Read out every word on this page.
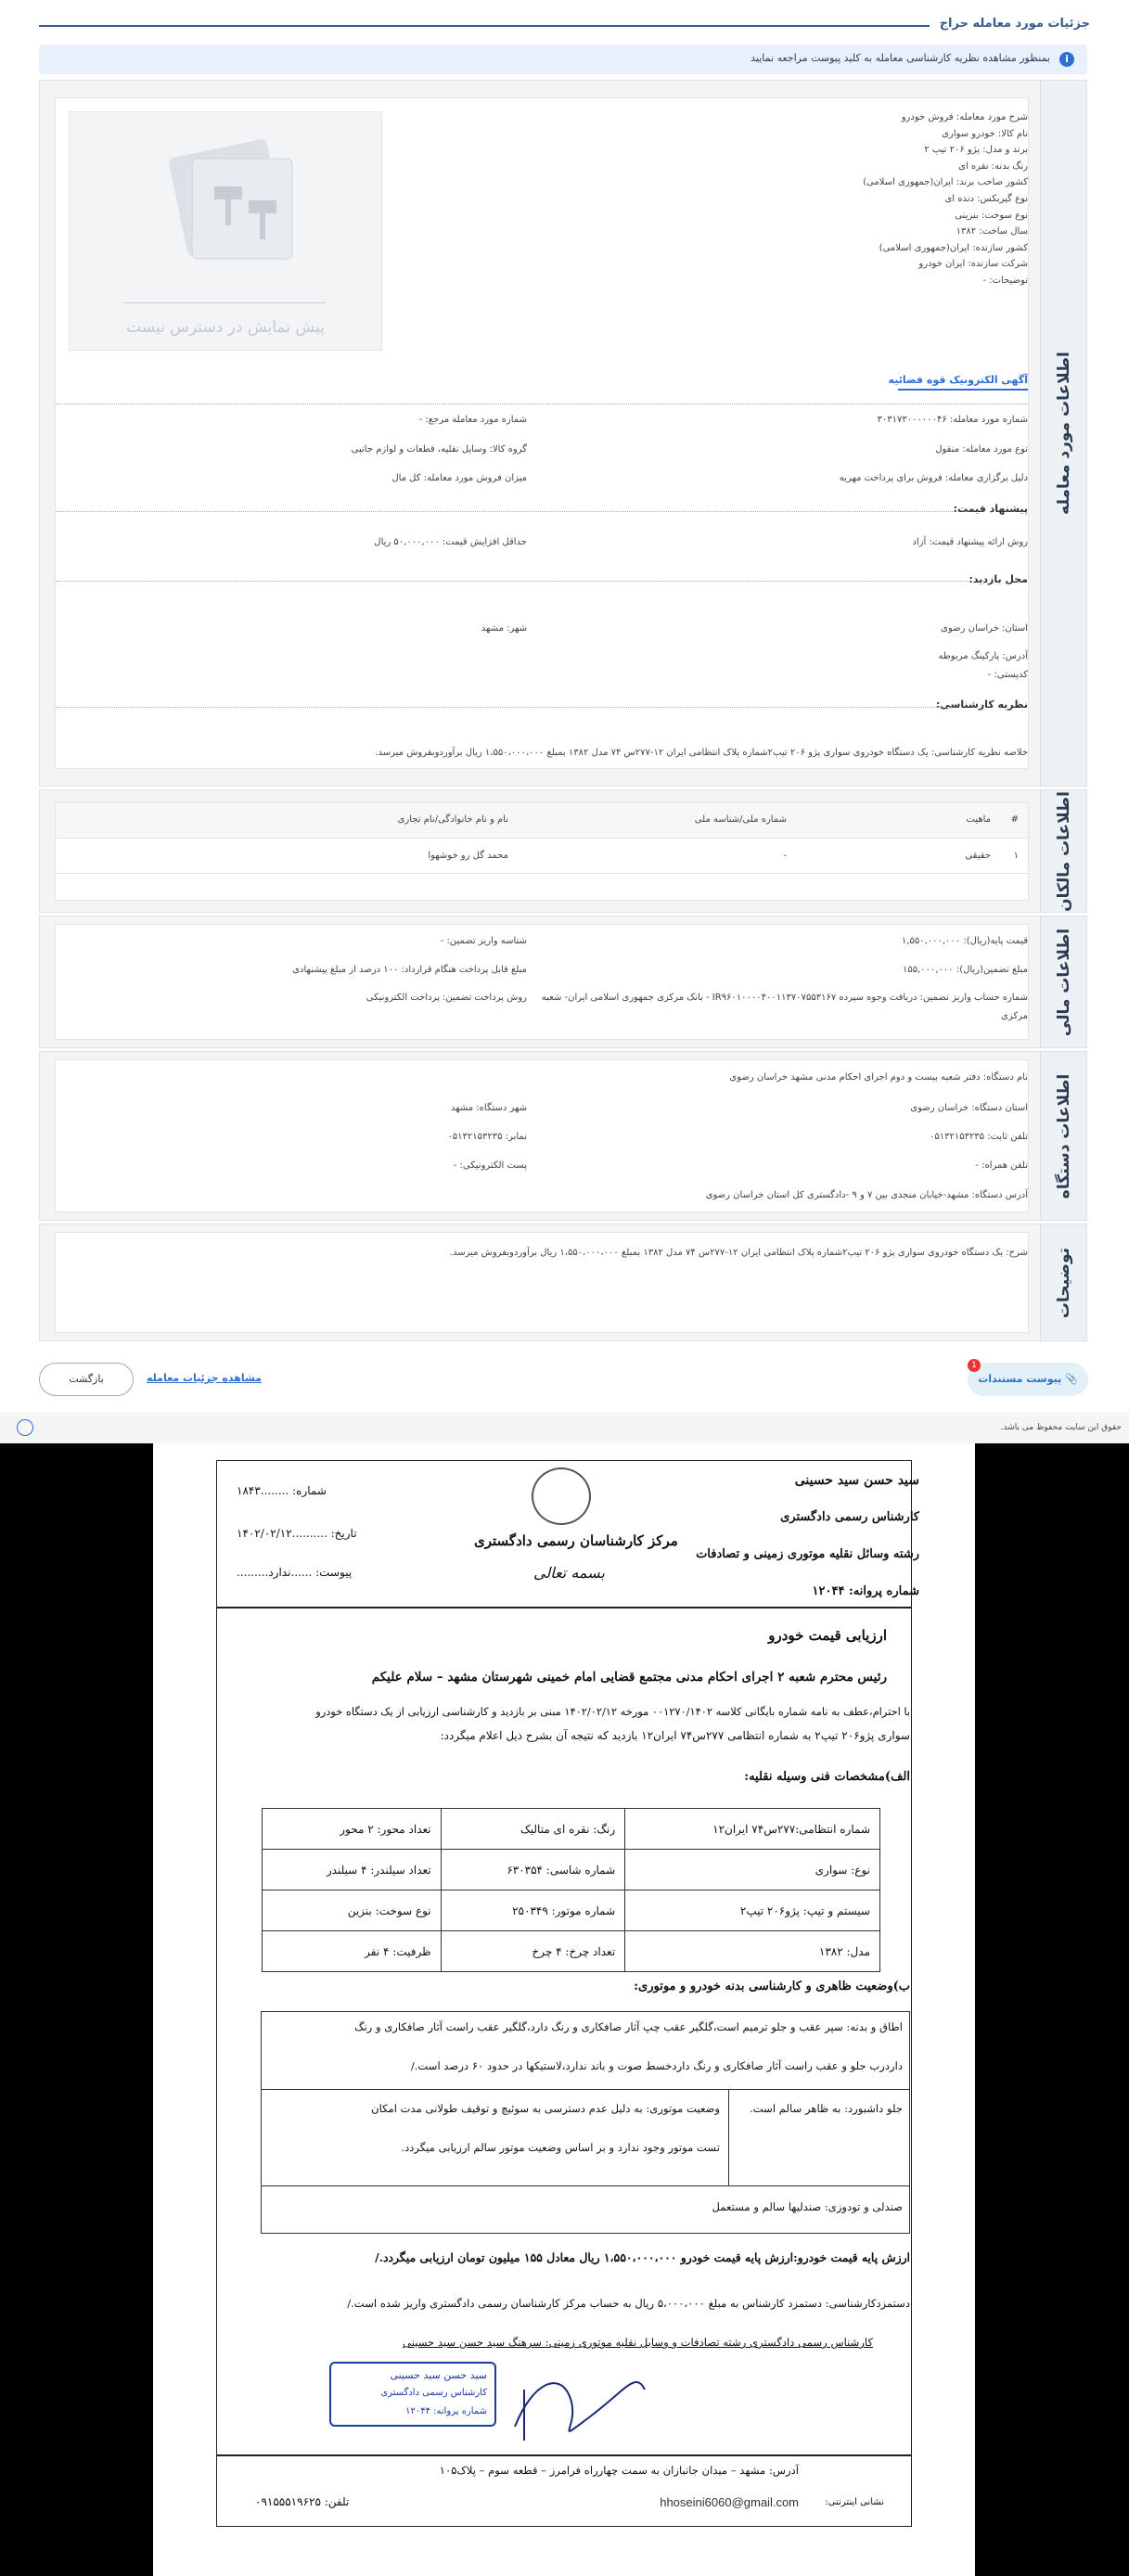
جزئیات مورد معامله حراج
i
بمنظور مشاهده نظریه کارشناسی معامله به کلید پیوست مراجعه نمایید
اطلاعات مورد معامله
شرح مورد معامله: فروش خودرو
نام کالا: خودرو سواری
برند و مدل: پژو ۲۰۶ تیپ ۲
رنگ بدنه: نقره ای
کشور صاحب برند: ایران(جمهوری اسلامی)
نوع گیربکس: دنده ای
نوع سوخت: بنزینی
سال ساخت: ۱۳۸۲
کشور سازنده: ایران(جمهوری اسلامی)
شرکت سازنده: ایران خودرو
توضیحات: -
پیش نمایش در دسترس نیست
آگهی الکترونیک قوه قضائیه
شماره مورد معامله: ۳۰۳۱۷۳۰۰۰۰۰۰۴۶
شماره مورد معامله مرجع: -
نوع مورد معامله: منقول
گروه کالا: وسایل نقلیه، قطعات و لوازم جانبی
دلیل برگزاری معامله: فروش برای پرداخت مهریه
میزان فروش مورد معامله: کل مال
پیشنهاد قیمت:
روش ارائه پیشنهاد قیمت: آزاد
حداقل افزایش قیمت: ۵۰,۰۰۰,۰۰۰ ریال
محل بازدید:
استان: خراسان رضوی
شهر: مشهد
آدرس: پارکینگ مربوطه
کدپستی: -
نظریه کارشناسی:
خلاصه نظریه کارشناسی: یک دستگاه خودروی سواری پژو ۲۰۶ تیپ۲شماره پلاک انتظامی ایران ۱۲-۲۷۷س ۷۴ مدل ۱۳۸۲ بمبلغ ۱،۵۵۰،۰۰۰،۰۰۰ ریال برآوردوبفروش میرسد.
اطلاعات مالکان
#	ماهیت	شماره ملی/شناسه ملی	نام و نام خانوادگی/نام تجاری
۱	حقیقی	-	محمد گل رو خوشهوا
اطلاعات مالی
قیمت پایه(ریال): ۱,۵۵۰,۰۰۰,۰۰۰
شناسه واریز تضمین: -
مبلغ تضمین(ریال): ۱۵۵,۰۰۰,۰۰۰
مبلغ قابل پرداخت هنگام قرارداد: ۱۰۰ درصد از مبلغ پیشنهادی
شماره حساب واریز تضمین: دریافت وجوه سپرده IR۹۶۰۱۰۰۰۰۴۰۰۱۱۳۷۰۷۵۵۳۱۶۷ - بانک مرکزی جمهوری اسلامی ایران- شعبه
مرکزی
روش پرداخت تضمین: پرداخت الکترونیکی
اطلاعات دستگاه
نام دستگاه: دفتر شعبه بیست و دوم اجرای احکام مدنی مشهد خراسان رضوی
استان دستگاه: خراسان رضوی
شهر دستگاه: مشهد
تلفن ثابت: ۰۵۱۳۲۱۵۳۲۳۵
نمابر: ۰۵۱۳۲۱۵۳۲۳۵
تلفن همراه: -
پست الکترونیکی: -
آدرس دستگاه: مشهد-خیابان منجدی بین ۷ و ۹ -دادگستری کل استان خراسان رضوی
توضیحات
شرح: یک دستگاه خودروی سواری پژو ۲۰۶ تیپ۲شماره پلاک انتظامی ایران ۱۲-۲۷۷س ۷۴ مدل ۱۳۸۲ بمبلغ ۱،۵۵۰،۰۰۰،۰۰۰ ریال برآوردوبفروش میرسد.
📎 پیوست مستندات
1
مشاهده جزئیات معامله
بازگشت
حقوق این سایت محفوظ می باشد.
سید حسن سید حسینی
کارشناس رسمی دادگستری
رشته وسائل نقلیه موتوری زمینی و تصادفات
شماره پروانه: ۱۲۰۴۴
مرکز کارشناسان رسمی دادگستری
بسمه تعالی
شماره: ........۱۸۴۳
تاریخ: ..........۱۴۰۲/۰۲/۱۲
پیوست: ......ندارد.........
ارزیابی قیمت خودرو
رئیس محترم شعبه ۲ اجرای احکام مدنی مجتمع قضایی امام خمینی شهرستان مشهد – سلام علیکم
با احترام،عطف به نامه شماره بایگانی کلاسه ۰۰۱۲۷۰/۱۴۰۲ مورخه ۱۴۰۲/۰۲/۱۲ مبنی بر بازدید و کارشناسی ارزیابی از یک دستگاه خودرو
سواری پژو۲۰۶ تیپ۲ به شماره انتظامی ۲۷۷س۷۴ ایران۱۲ بازدید که نتیجه آن بشرح ذیل اعلام میگردد:
الف)مشخصات فنی وسیله نقلیه:
شماره انتظامی:۲۷۷س۷۴ ایران۱۲	رنگ: نقره ای متالیک	تعداد محور: ۲ محور
نوع: سواری	شماره شاسی: ۶۳۰۳۵۴	تعداد سیلندر: ۴ سیلندر
سیستم و تیپ: پژو۲۰۶ تیپ۲	شماره موتور: ۲۵۰۳۴۹	نوع سوخت: بنزین
مدل: ۱۳۸۲	تعداد چرخ: ۴ چرخ	ظرفیت: ۴ نفر
ب)وضعیت ظاهری و کارشناسی بدنه خودرو و موتوری:
اطاق و بدنه: سپر عقب و جلو ترمیم است،گلگیر عقب چپ آثار صافکاری و رنگ دارد،گلگیر عقب راست آثار صافکاری و رنگ
داردرب جلو و عقب راست آثار صافکاری و رنگ داردخسط صوت و باند ندارد،لاستیکها در حدود ۶۰ درصد است./
جلو داشبورد: به ظاهر سالم است.
وضعیت موتوری: به دلیل عدم دسترسی به سوئیچ و توقیف طولانی مدت امکان
تست موتور وجود ندارد و بر اساس وضعیت موتور سالم ارزیابی میگردد.
صندلی و تودوزی: صندلیها سالم و مستعمل
ارزش پایه قیمت خودرو:ارزش پایه قیمت خودرو ۱،۵۵۰،۰۰۰،۰۰۰ ریال معادل ۱۵۵ میلیون تومان ارزیابی میگردد./
دستمزدکارشناسی: دستمزد کارشناس به مبلغ ۵،۰۰۰،۰۰۰ ریال به حساب مرکز کارشناسان رسمی دادگستری واریز شده است./
کارشناس رسمی دادگستری رشته تصادفات و وسایل نقلیه موتوری زمینی: سرهنگ سید حسن سید حسینی
سید حسن سید حسینی
کارشناس رسمی دادگستری
شماره پروانه: ۱۲۰۴۴
آدرس: مشهد – میدان جانبازان به سمت چهارراه فرامرز – قطعه سوم – پلاک۱۰۵
نشانی اینترنتی:
hhoseini6060@gmail.com
تلفن: ۰۹۱۵۵۵۱۹۶۲۵
